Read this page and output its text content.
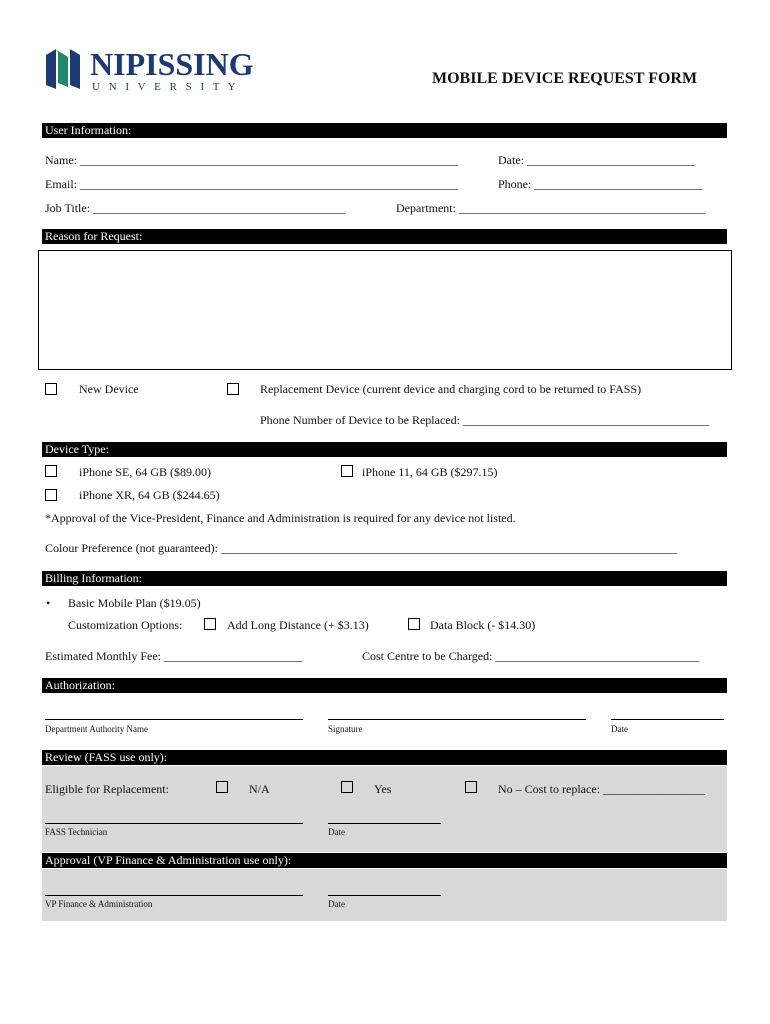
NIPISSING
U N I V E R S I T Y	MOBILE DEVICE REQUEST FORM
User Information:
Name: _______________________________________________________________	Date: ____________________________
Email: _______________________________________________________________	Phone: ____________________________
Job Title: __________________________________________	Department: _________________________________________
Reason for Request:
New Device	Replacement Device (current device and charging cord to be returned to FASS)
Phone Number of Device to be Replaced: _________________________________________
Device Type:
iPhone SE, 64 GB ($89.00)	iPhone 11, 64 GB ($297.15)
iPhone XR, 64 GB ($244.65)
*Approval of the Vice-President, Finance and Administration is required for any device not listed.
Colour Preference (not guaranteed): ____________________________________________________________________________
Billing Information:
• Basic Mobile Plan ($19.05)
Customization Options:	Add Long Distance (+ $3.13)	Data Block (- $14.30)
Estimated Monthly Fee: _______________________	Cost Centre to be Charged: __________________________________
Authorization:
Department Authority Name	Signature	Date
Review (FASS use only):
Eligible for Replacement:	N/A	Yes	No – Cost to replace: _________________
FASS Technician	Date
Approval (VP Finance & Administration use only):
VP Finance & Administration	Date
